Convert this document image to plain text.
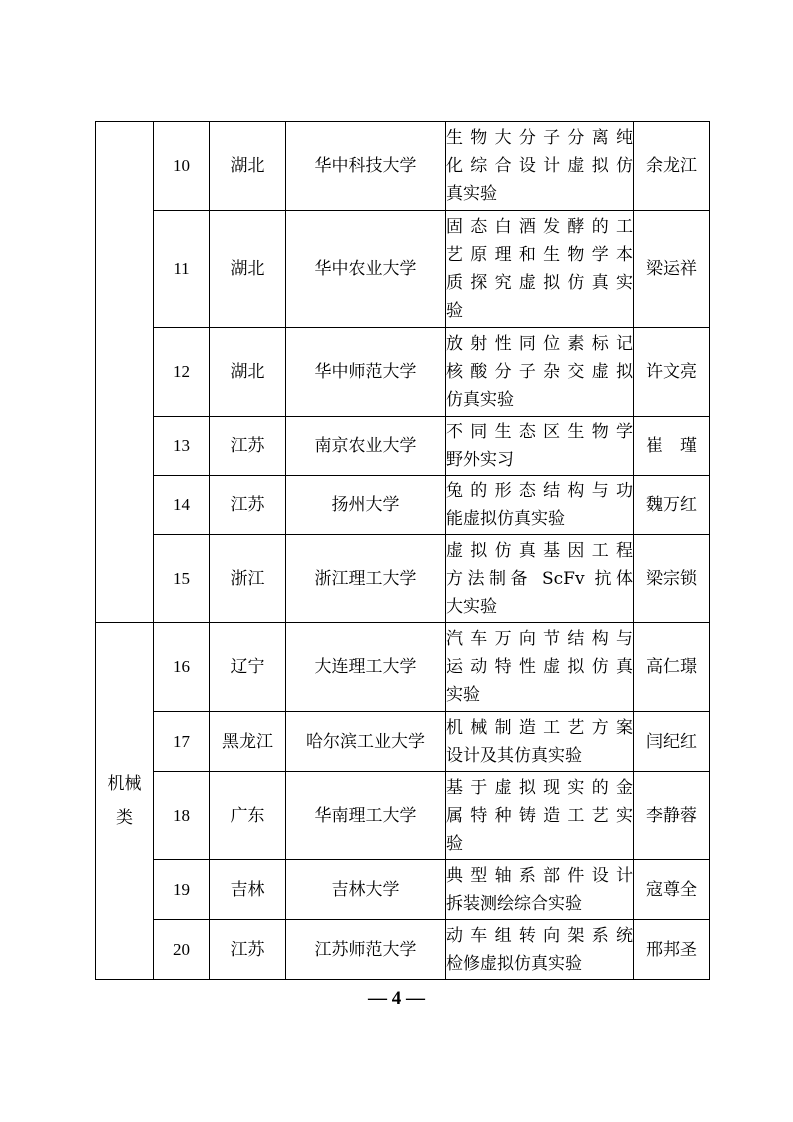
	10	湖北	华中科技大学	生物大分子分离纯
化综合设计虚拟仿
真实验	余龙江
	11	湖北	华中农业大学	固态白酒发酵的工
艺原理和生物学本
质探究虚拟仿真实
验	梁运祥
	12	湖北	华中师范大学	放射性同位素标记
核酸分子杂交虚拟
仿真实验	许文亮
	13	江苏	南京农业大学	不同生态区生物学
野外实习	崔　瑾
	14	江苏	扬州大学	兔的形态结构与功
能虚拟仿真实验	魏万红
	15	浙江	浙江理工大学	虚拟仿真基因工程
方法制备 ScFv 抗体
大实验	梁宗锁
机械
类	16	辽宁	大连理工大学	汽车万向节结构与
运动特性虚拟仿真
实验	高仁璟
	17	黑龙江	哈尔滨工业大学	机械制造工艺方案
设计及其仿真实验	闫纪红
	18	广东	华南理工大学	基于虚拟现实的金
属特种铸造工艺实
验	李静蓉
	19	吉林	吉林大学	典型轴系部件设计
拆装测绘综合实验	寇尊全
	20	江苏	江苏师范大学	动车组转向架系统
检修虚拟仿真实验	邢邦圣
— 4 —
